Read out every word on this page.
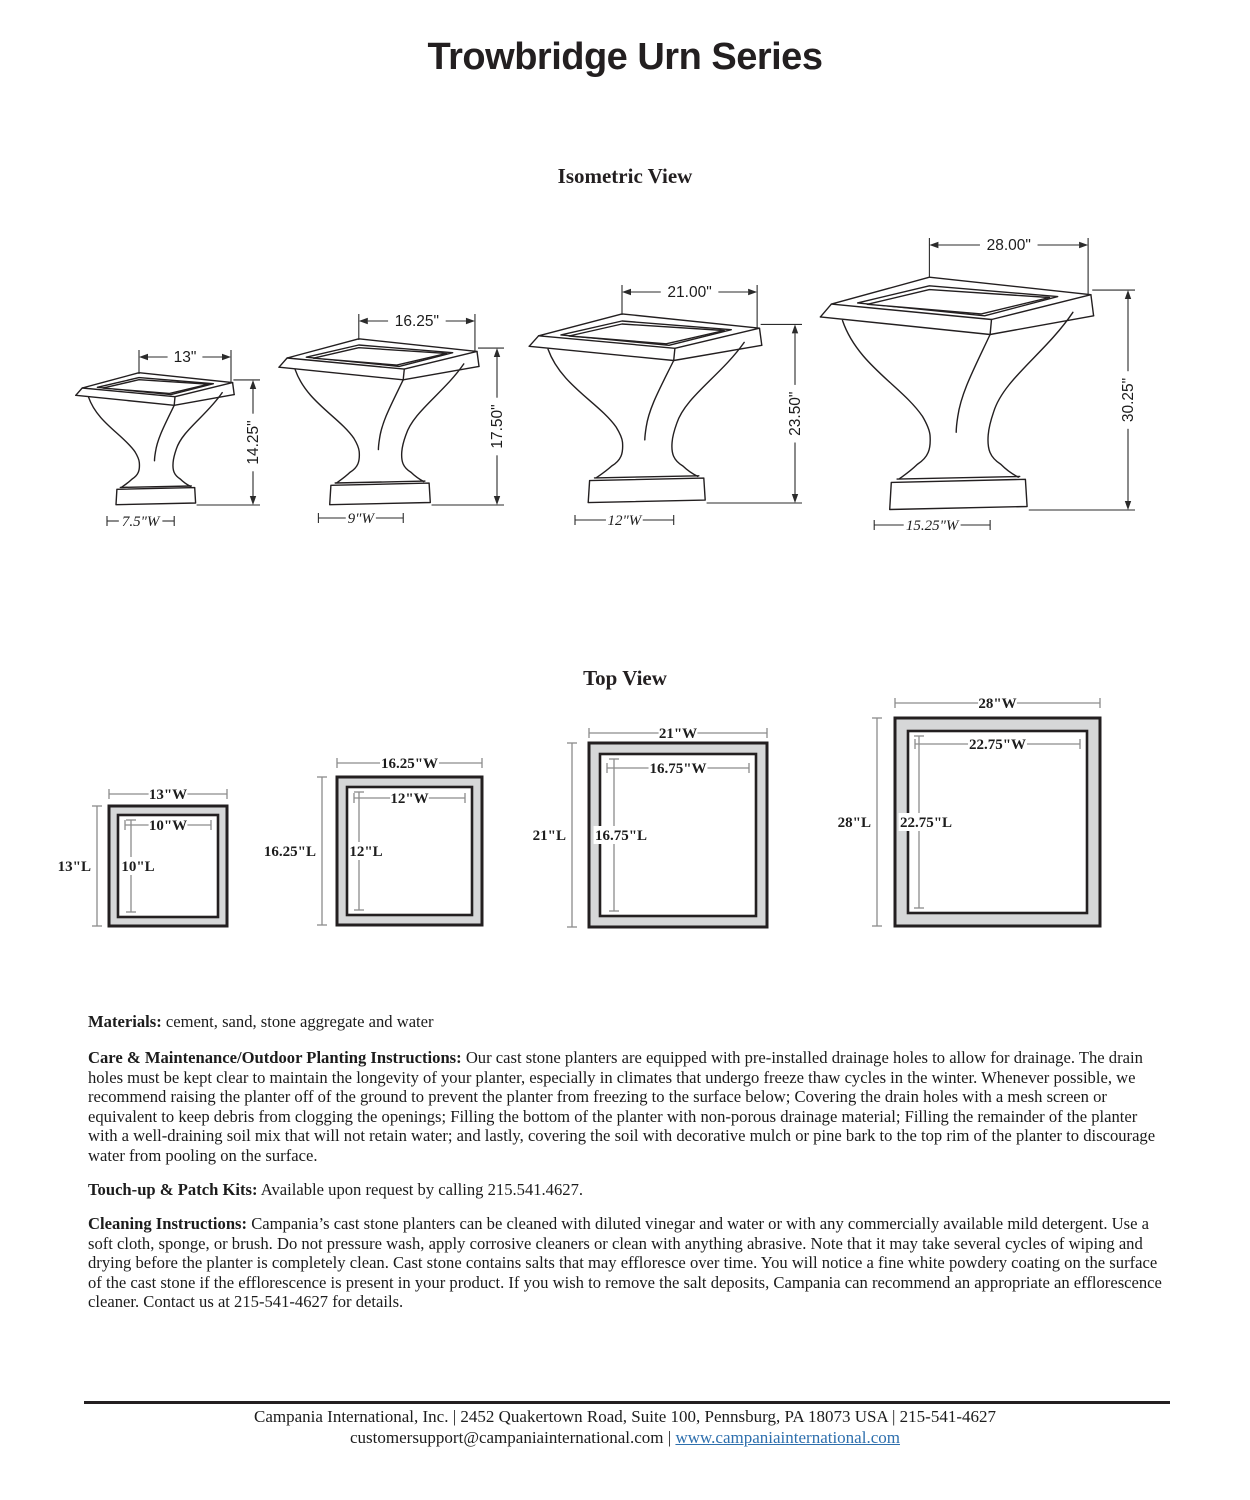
Trowbridge Urn Series
Isometric View
Top View
13"
14.25"
7.5"W
16.25"
17.50"
9"W
21.00"
23.50"
12"W
28.00"
30.25"
15.25"W
13"W
13"L
10"W
10"L
16.25"W
16.25"L
12"W
12"L
21"W
21"L
16.75"W
16.75"L
28"W
28"L
22.75"W
22.75"L
Materials: cement, sand, stone aggregate and water
Care & Maintenance/Outdoor Planting Instructions: Our cast stone planters are equipped with pre-installed drainage holes to allow for drainage. The drain holes must be kept clear to maintain the longevity of your planter, especially in climates that undergo freeze thaw cycles in the winter. Whenever possible, we recommend raising the planter off of the ground to prevent the planter from freezing to the surface below; Covering the drain holes with a mesh screen or equivalent to keep debris from clogging the openings; Filling the bottom of the planter with non-porous drainage material; Filling the remainder of the planter with a well-draining soil mix that will not retain water; and lastly, covering the soil with decorative mulch or pine bark to the top rim of the planter to discourage water from pooling on the surface.
Touch-up & Patch Kits: Available upon request by calling 215.541.4627.
Cleaning Instructions: Campania’s cast stone planters can be cleaned with diluted vinegar and water or with any commercially available mild detergent. Use a soft cloth, sponge, or brush. Do not pressure wash, apply corrosive cleaners or clean with anything abrasive. Note that it may take several cycles of wiping and drying before the planter is completely clean. Cast stone contains salts that may effloresce over time. You will notice a fine white powdery coating on the surface of the cast stone if the efflorescence is present in your product. If you wish to remove the salt deposits, Campania can recommend an appropriate an efflorescence cleaner. Contact us at 215-541-4627 for details.
Campania International, Inc. | 2452 Quakertown Road, Suite 100, Pennsburg, PA 18073 USA | 215-541-4627
customersupport@campaniainternational.com | www.campaniainternational.com
